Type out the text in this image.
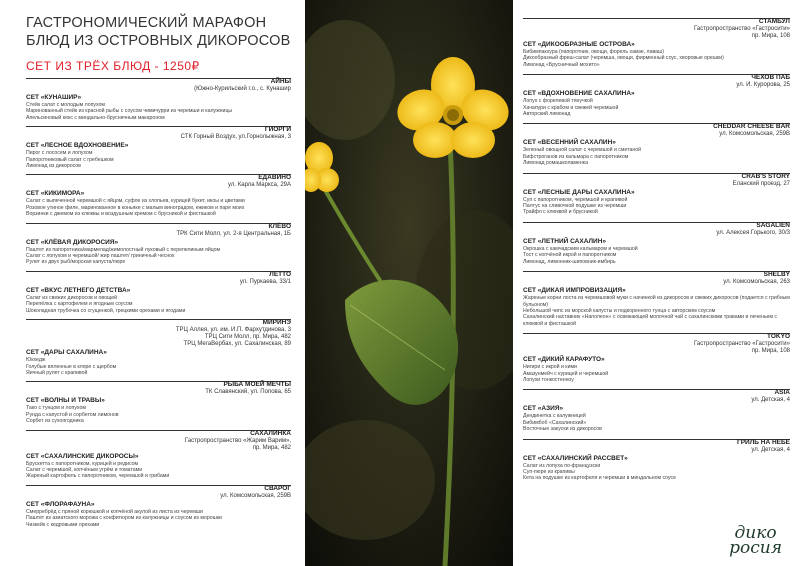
ГАСТРОНОМИЧЕСКИЙ МАРАФОН
БЛЮД ИЗ ОСТРОВНЫХ ДИКОРОСОВ
СЕТ ИЗ ТРЁХ БЛЮД - 1250₽
АЙНЫ
(Южно-Курильский г.о., с. Кунашир
СЕТ «КУНАШИР»
Стейк салат с молодым лопухом
Маринованный стейк из красной рыбы с соусом чимичурри из черемши и калужницы
Апельсиновый кекс с миндально-брусничным макароном
ГИОРГИ
СТК Горный Воздух, ул.Горнолыжная, 3
СЕТ «ЛЕСНОЕ ВДОХНОВЕНИЕ»
Пирог с лососем и лопухом
Папоротниковый салат с гребешком
Лимонад из дикоросов
ЕДАВИНО
ул. Карла Маркса, 29А
СЕТ «КИКИМОРА»
Салат с выпеченной черемшой с яйцом, суфле из хлопьев, курицей букет, икоы и цветами
Розовое утиное филе, маринованное в коньяке с малым виноградом, ежиком и паре моих
Ворзинки с джемом из клюквы и воздушным кремом с брусникой и фисташкой
КЛЁВО
ТРК Сити Молл, ул. 2-я Центральная, 1Б
СЕТ «КЛЁВАЯ ДИКОРОСИЯ»
Паштет из папоротника/мармелад/жимолостный луковый с перепелиным яйцом
Салат с лопухом и черемшой/ жир паштет/ гриничный чеснок
Рулет из двух рыб/морская капуста/пюре
ЛЕТТО
ул. Пуркаева, 33/1
СЕТ «ВКУС ЛЕТНЕГО ДЕТСТВА»
Салат из свежих дикоросов и овощей
Перепёлка с картофелем и ягодным соусом
Шоколадная трубочка со сгущенкой, грецкими орехами и ягодами
МИРИНЭ
ТРЦ Аллея, ул. им. И.П. Фархутдинова, 3
ТРЦ Сити Молл, пр. Мира, 482
ТРЦ МегаВербах, ул. Сахалинская, 89
СЕТ «ДАРЫ САХАЛИНА»
Юкхедж
Голубые вяленные в кляре с щербом
Яичный рулет с крапивой
РЫБА МОЕЙ МЕЧТЫ
ТК Славянский, ул. Попова, 65
СЕТ «ВОЛНЫ И ТРАВЫ»
Тако с тунцом и лопухом
Рунда с капустой и сорбетом лимонов
Сорбет из сухоягодника
САХАЛИНКА
Гастропространство «Жарим Варим»,
пр. Мира, 482
СЕТ «САХАЛИНСКИЕ ДИКОРОСЫ»
Брускетта с папоротником, курицей и редисом
Салат с черемшой, копчёным угрём и томатами
Жареный картофель с папоротником, черемшой и грибами
СВАРОГ
ул. Комсомольская, 259В
СЕТ «ФЛОРАФАУНА»
Смерребрёд с пряной корюшкой и копчёной акулой из листа из черемши
Паштет из азиатского морожа с конфитюром из калужницы и соусом из морошки
Чизкейк с кедровыми орехами
СТАМБУЛ
Гастропространство «Гастросити»
пр. Мира, 108
СЕТ «ДИКООБРАЗНЫЕ ОСТРОВА»
Бибимпакхура (папоротник, овощи, форель хамзе, лаваш)
Дикообразный фреш-салат (черемша, овощи, фирменный соус, хворовые орешки)
Лимонад «Брусничный мохито»
ЧЕХОВ ПАБ
ул. И. Куророва, 25
СЕТ «ВДОХНОВЕНИЕ САХАЛИНА»
Лопух с форелевой тянучкой
Хачапури с крабом и свежей черемшой
Авторский лимонад
CHEDDAR CHEESE BAR
ул. Комсомольская, 259В
СЕТ «ВЕСЕННИЙ САХАЛИН»
Зеленый овощной салат с черемшой и сметаной
Бифстроганов из кальмара с папоротником
Лимонад ромашколаменка
CRAB'S STORY
Еланский проезд, 27
СЕТ «ЛЕСНЫЕ ДАРЫ САХАЛИНА»
Суп с папоротником, черемшой и крапивой
Палтус на сливочной подушке из черемши
Трайфл с клюквой и брусникой
SAGALIEN
ул. Алексея Горького, 30/3
СЕТ «ЛЕТНИЙ САХАЛИН»
Окрошка с камчадским кальмаром и черемшой
Тост с копчёной икрой и папоротником
Лимонад, лимонник-шиповник-имбирь
SHELBY
ул. Комсомольская, 263
СЕТ «ДИКАЯ ИМПРОВИЗАЦИЯ»
Жареные корни лоста из черемшовой муки с начинкой из дикоросов и свежих дикоросов (подается с грибным бульоном)
Небольшой чипс из морской капусты и подкоренного тунца с авторским соусом
Сахалинский наставник «Наполеон» с освежающей молочной чай с сахалинскими травами и печеньем с клюквой и фисташкой
TOKYO
Гастропространство «Гастросити»
пр. Мира, 108
СЕТ «ДИКИЙ КАРАФУТО»
Нигири с икрой и кими
Амазунмейч с курицей и черемшой
Лопухи тонкостенноу
ASIA
ул. Детская, 4
СЕТ «АЗИЯ»
Дендинетка с калужницей
Бибимбоб «Сахалинский»
Восточные закуски из дикоросов
ГРИЛЬ НА НЕБЕ
ул. Детская, 4
СЕТ «САХАЛИНСКИЙ РАССВЕТ»
Салат из лопуха по-французски
Суп-пюре из крапивы
Кета на подушке из картофеля и черемши в миндальном соусе
дико
росия
